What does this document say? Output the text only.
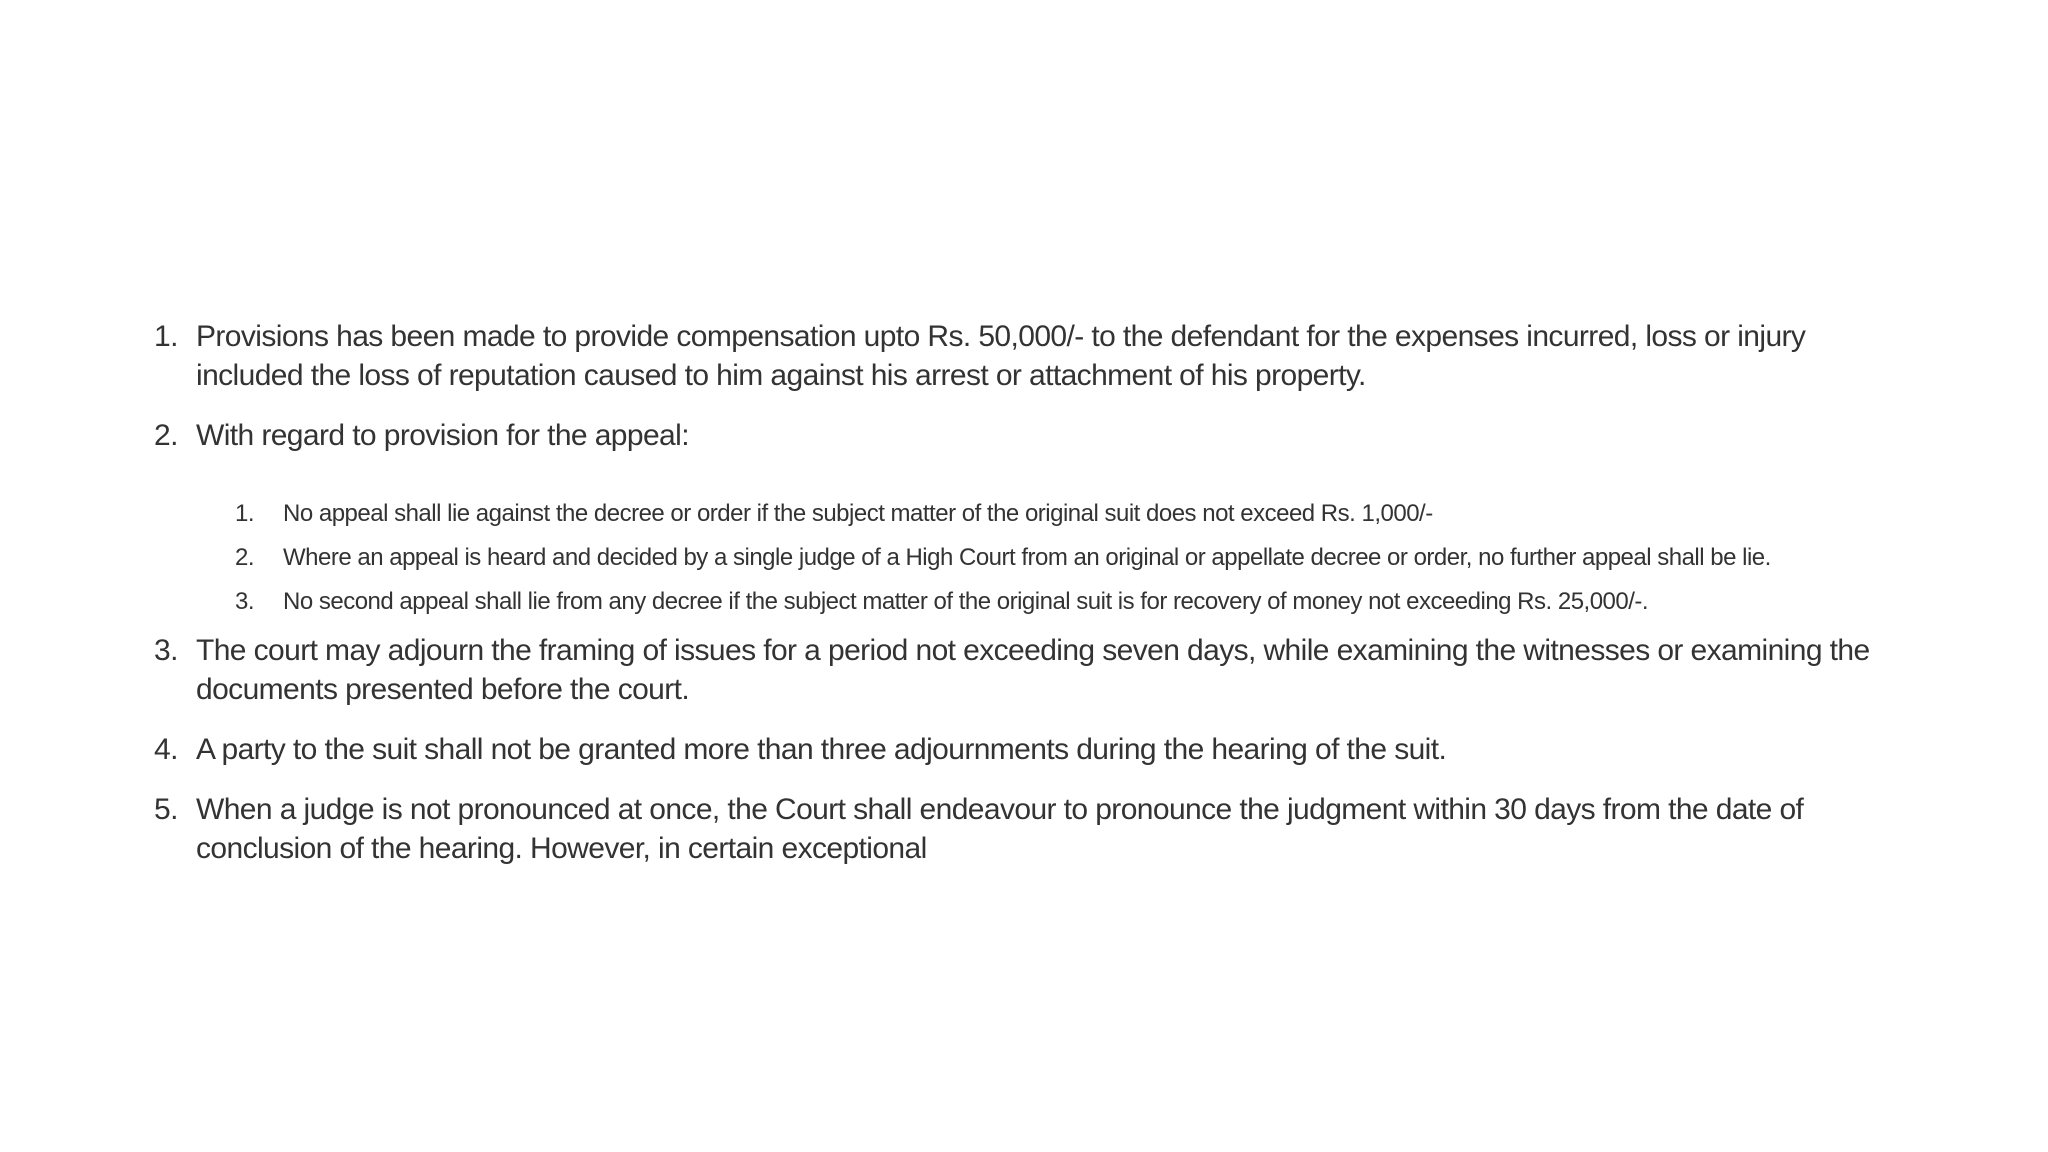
1. Provisions has been made to provide compensation upto Rs. 50,000/- to the defendant for the expenses incurred, loss or injury included the loss of reputation caused to him against his arrest or attachment of his property.
2. With regard to provision for the appeal:
1.	No appeal shall lie against the decree or order if the subject matter of the original suit does not exceed Rs. 1,000/-
2.	Where an appeal is heard and decided by a single judge of a High Court from an original or appellate decree or order, no further appeal shall be lie.
3.	No second appeal shall lie from any decree if the subject matter of the original suit is for recovery of money not exceeding Rs. 25,000/-.
3. The court may adjourn the framing of issues for a period not exceeding seven days, while examining the witnesses or examining the documents presented before the court.
4. A party to the suit shall not be granted more than three adjournments during the hearing of the suit.
5. When a judge is not pronounced at once, the Court shall endeavour to pronounce the judgment within 30 days from the date of conclusion of the hearing. However, in certain exceptional
